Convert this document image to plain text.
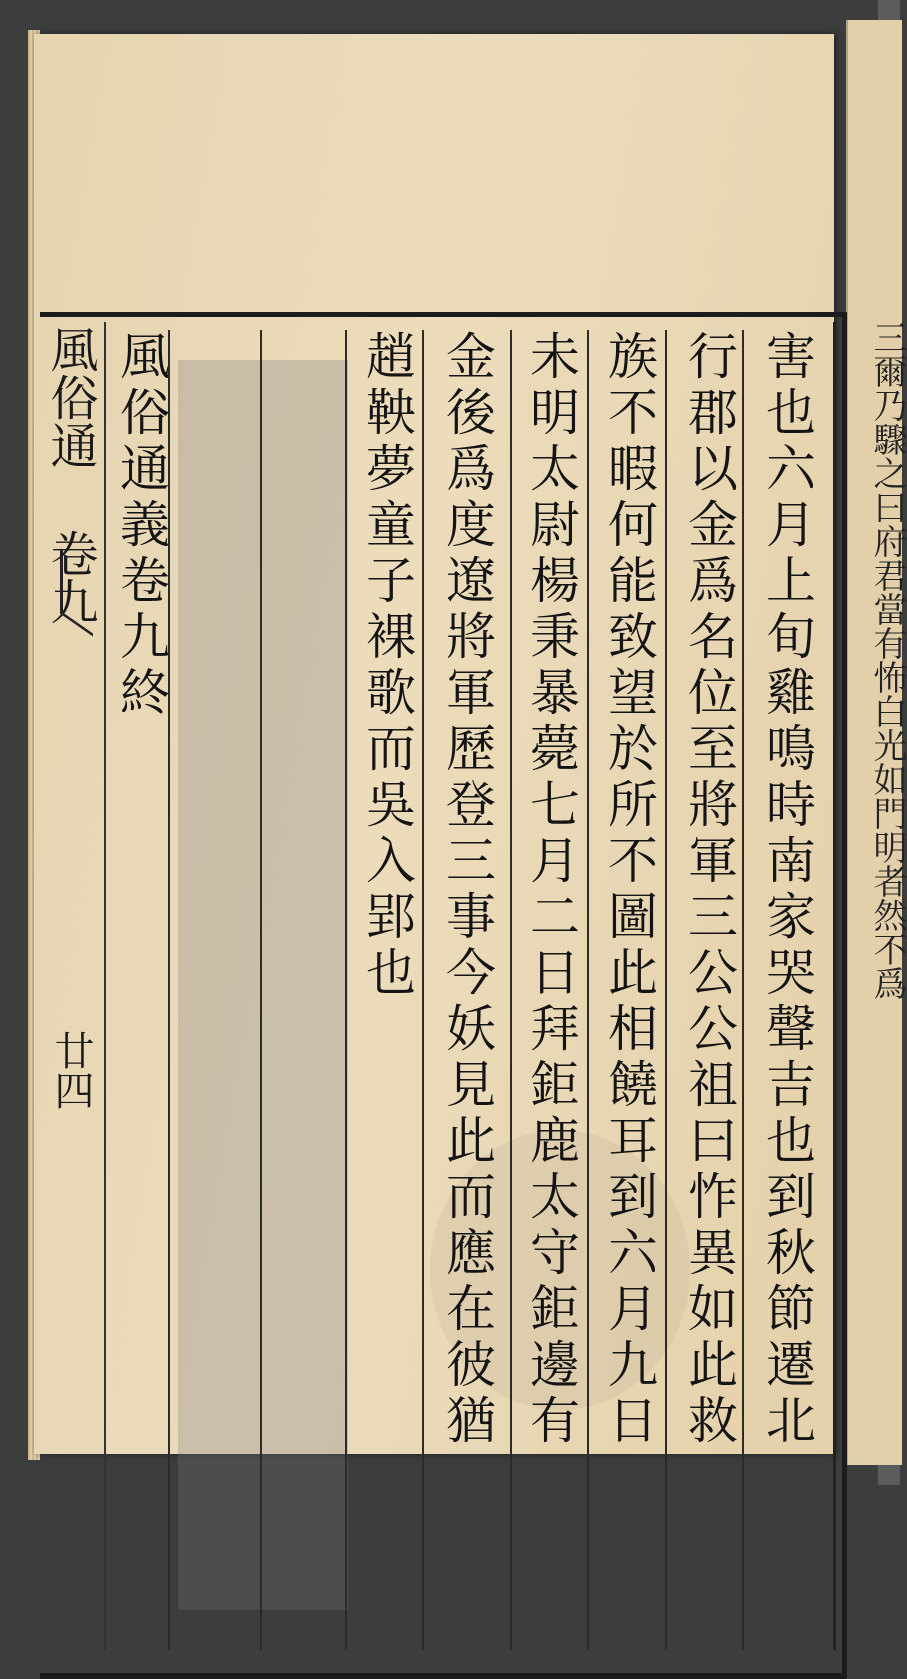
害也六月上旬雞鳴時南家哭聲吉也到秋節遷北
行郡以金爲名位至將軍三公公祖曰怍異如此救
族不暇何能致望於所不圖此相饒耳到六月九日
未明太尉楊秉暴薨七月二日拜鉅鹿太守鉅邊有
金後爲度遼將軍歷登三事今妖見此而應在彼猶
趙鞅夢童子裸歌而吳入郢也
風俗通義卷九終
風俗通卷九
廿四
三爾乃驟之曰府君當有怖白光如門明者然不爲
